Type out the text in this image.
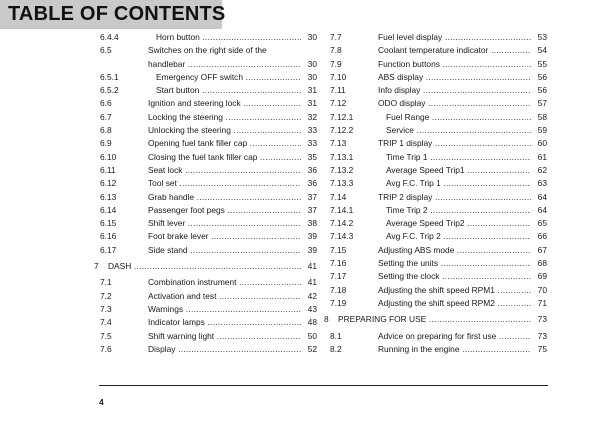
TABLE OF CONTENTS
6.4.4	Horn button .....	30
6.5	Switches on the right side of the
handlebar .....	30
6.5.1	Emergency OFF switch .....	30
6.5.2	Start button .....	31
6.6	Ignition and steering lock .....	31
6.7	Locking the steering .....	32
6.8	Unlocking the steering .....	33
6.9	Opening fuel tank filler cap .....	33
6.10	Closing the fuel tank filler cap .....	35
6.11	Seat lock .....	36
6.12	Tool set .....	36
6.13	Grab handle .....	37
6.14	Passenger foot pegs .....	37
6.15	Shift lever .....	38
6.16	Foot brake lever .....	39
6.17	Side stand .....	39
7 DASH .....	41
7.1	Combination instrument .....	41
7.2	Activation and test .....	42
7.3	Warnings .....	43
7.4	Indicator lamps .....	48
7.5	Shift warning light .....	50
7.6	Display .....	52
7.7	Fuel level display .....	53
7.8	Coolant temperature indicator .....	54
7.9	Function buttons .....	55
7.10	ABS display .....	56
7.11	Info display .....	56
7.12	ODO display .....	57
7.12.1	Fuel Range .....	58
7.12.2	Service .....	59
7.13	TRIP 1 display .....	60
7.13.1	Time Trip 1 .....	61
7.13.2	Average Speed Trip1 .....	62
7.13.3	Avg F.C. Trip 1 .....	63
7.14	TRIP 2 display .....	64
7.14.1	Time Trip 2 .....	64
7.14.2	Average Speed Trip2 .....	65
7.14.3	Avg F.C. Trip 2 .....	66
7.15	Adjusting ABS mode .....	67
7.16	Setting the units .....	68
7.17	Setting the clock .....	69
7.18	Adjusting the shift speed RPM1 .....	70
7.19	Adjusting the shift speed RPM2 .....	71
8 PREPARING FOR USE .....	73
8.1	Advice on preparing for first use .....	73
8.2	Running in the engine .....	75
4
